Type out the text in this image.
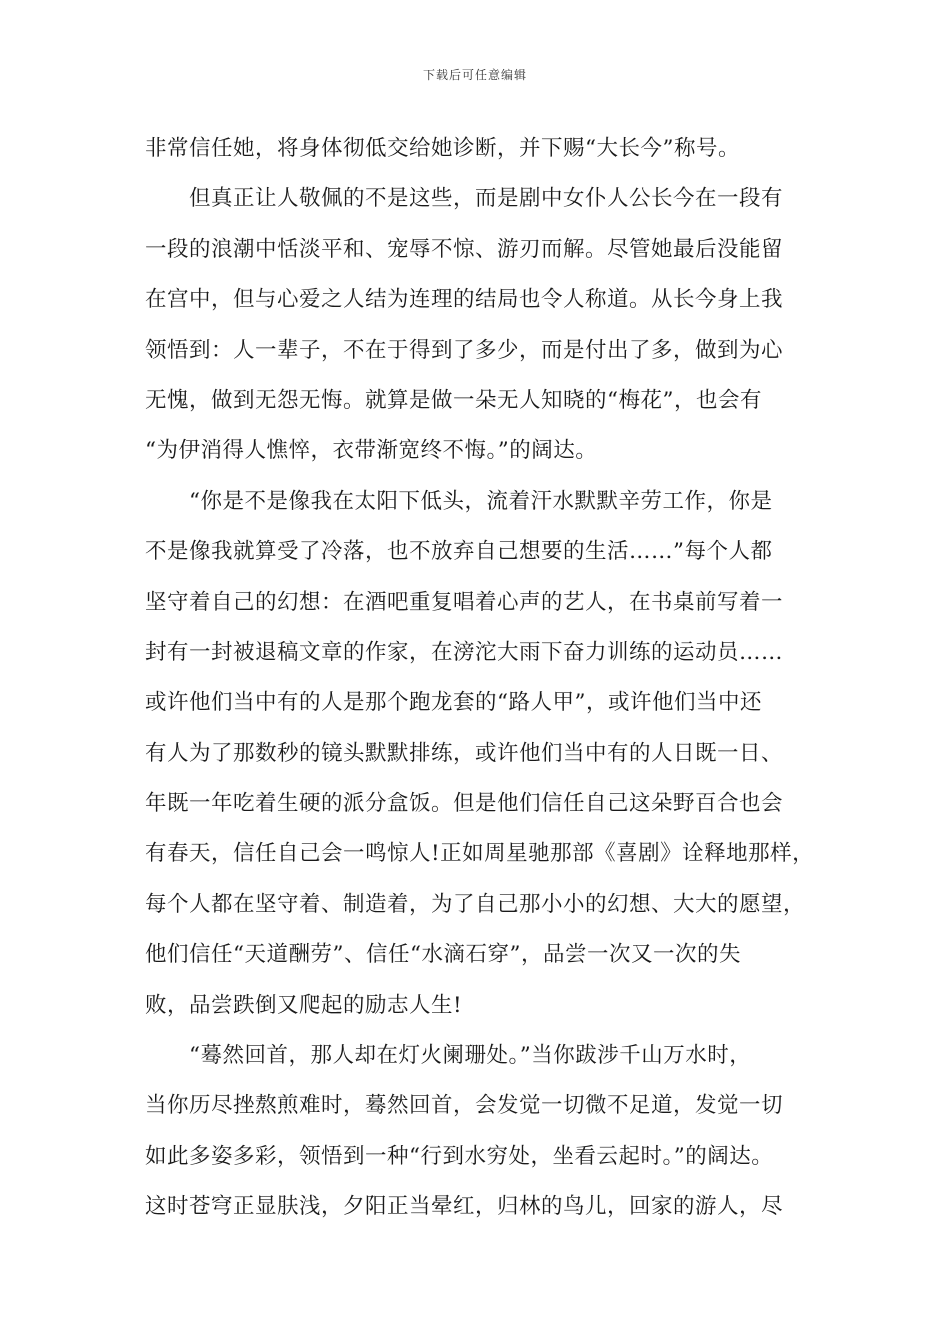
下载后可任意编辑
非常信任她，将身体彻低交给她诊断，并下赐“大长今”称号。
但真正让人敬佩的不是这些，而是剧中女仆人公长今在一段有
一段的浪潮中恬淡平和、宠辱不惊、游刃而解。尽管她最后没能留
在宫中，但与心爱之人结为连理的结局也令人称道。从长今身上我
领悟到：人一辈子，不在于得到了多少，而是付出了多，做到为心
无愧，做到无怨无悔。就算是做一朵无人知晓的“梅花”，也会有
“为伊消得人憔悴，衣带渐宽终不悔。”的阔达。
“你是不是像我在太阳下低头，流着汗水默默辛劳工作，你是
不是像我就算受了冷落，也不放弃自己想要的生活……”每个人都
坚守着自己的幻想：在酒吧重复唱着心声的艺人，在书桌前写着一
封有一封被退稿文章的作家，在滂沱大雨下奋力训练的运动员……
或许他们当中有的人是那个跑龙套的“路人甲”，或许他们当中还
有人为了那数秒的镜头默默排练，或许他们当中有的人日既一日、
年既一年吃着生硬的派分盒饭。但是他们信任自己这朵野百合也会
有春天，信任自己会一鸣惊人!正如周星驰那部《喜剧》诠释地那样，
每个人都在坚守着、制造着，为了自己那小小的幻想、大大的愿望，
他们信任“天道酬劳”、信任“水滴石穿”，品尝一次又一次的失
败，品尝跌倒又爬起的励志人生!
“蓦然回首，那人却在灯火阑珊处。”当你跋涉千山万水时，
当你历尽挫熬煎难时，蓦然回首，会发觉一切微不足道，发觉一切
如此多姿多彩，领悟到一种“行到水穷处，坐看云起时。”的阔达。
这时苍穹正显肤浅，夕阳正当晕红，归林的鸟儿，回家的游人，尽
